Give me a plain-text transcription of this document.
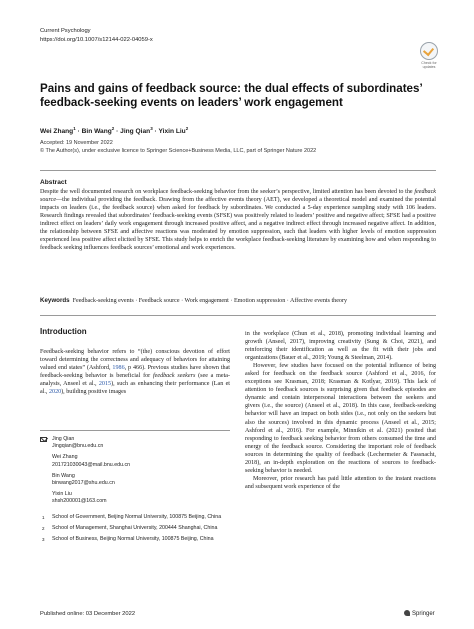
Current Psychology
https://doi.org/10.1007/s12144-022-04059-x
Check for updates
Pains and gains of feedback source: the dual effects of subordinates’ feedback-seeking events on leaders’ work engagement
Wei Zhang$^1$ · Bin Wang$^2$ · Jing Qian$^3$ · Yixin Liu$^2$
Accepted: 19 November 2022
© The Author(s), under exclusive licence to Springer Science+Business Media, LLC, part of Springer Nature 2022
Abstract
Despite the well documented research on workplace feedback-seeking behavior from the seeker’s perspective, limited attention has been devoted to the feedback source—the individual providing the feedback. Drawing from the affective events theory (AET), we developed a theoretical model and examined the potential impacts on leaders (i.e., the feedback source) when asked for feedback by subordinates. We conducted a 5-day experience sampling study with 106 leaders. Research findings revealed that subordinates’ feedback-seeking events (SFSE) was positively related to leaders’ positive and negative affect; SFSE had a positive indirect effect on leaders’ daily work engagement through increased positive affect, and a negative indirect effect through increased negative affect. In addition, the relationship between SFSE and affective reactions was moderated by emotion suppression, such that leaders with higher levels of emotion suppression experienced less positive affect elicited by SFSE. This study helps to enrich the workplace feedback-seeking literature by examining how and when responding to feedback seeking influences feedback sources’ emotional and work experiences.
Keywords Feedback-seeking events · Feedback source · Work engagement · Emotion suppression · Affective events theory
Introduction

Feedback-seeking behavior refers to “(the) conscious devotion of effort toward determining the correctness and adequacy of behaviors for attaining valued end states” (Ashford, 1986, p 466). Previous studies have shown that feedback-seeking behavior is beneficial for feedback seekers (see a meta-analysis, Anseel et al., 2015), such as enhancing their performance (Lan et al., 2020), building positive images

in the workplace (Chun et al., 2018), promoting individual learning and growth (Anseel, 2017), improving creativity (Sung & Choi, 2021), and reinforcing their identification as well as the fit with their jobs and organizations (Bauer et al., 2019; Young & Steelman, 2014).

However, few studies have focused on the potential influence of being asked for feedback on the feedback source (Ashford et al., 2016, for exceptions see Krasman, 2018; Krasman & Kotlyar, 2019). This lack of attention to feedback sources is surprising given that feedback episodes are dynamic and contain interpersonal interactions between the seekers and givers (i.e., the source) (Anseel et al., 2018). In this case, feedback-seeking behavior will have an impact on both sides (i.e., not only on the seekers but also the sources) involved in this dynamic process (Anseel et al., 2015; Ashford et al., 2016). For example, Minnikin et al. (2021) posited that responding to feedback seeking behavior from others consumed the time and energy of the feedback source. Considering the important role of feedback sources in determining the quality of feedback (Lechermeier & Fassnacht, 2018), an in-depth exploration on the reactions of sources to feedback-seeking behavior is needed.

Moreover, prior research has paid little attention to the instant reactions and subsequent work experience of the

Jing Qian
Jingqian@bnu.edu.cn
Wei Zhang
201721030043@mail.bnu.edu.cn
Bin Wang
binwang2017@shu.edu.cn
Yixin Liu
shsh200001@163.com
1 School of Government, Beijing Normal University, 100875 Beijing, China
2 School of Management, Shanghai University, 200444 Shanghai, China
3 School of Business, Beijing Normal University, 100875 Beijing, China
Published online: 03 December 2022	Springer
